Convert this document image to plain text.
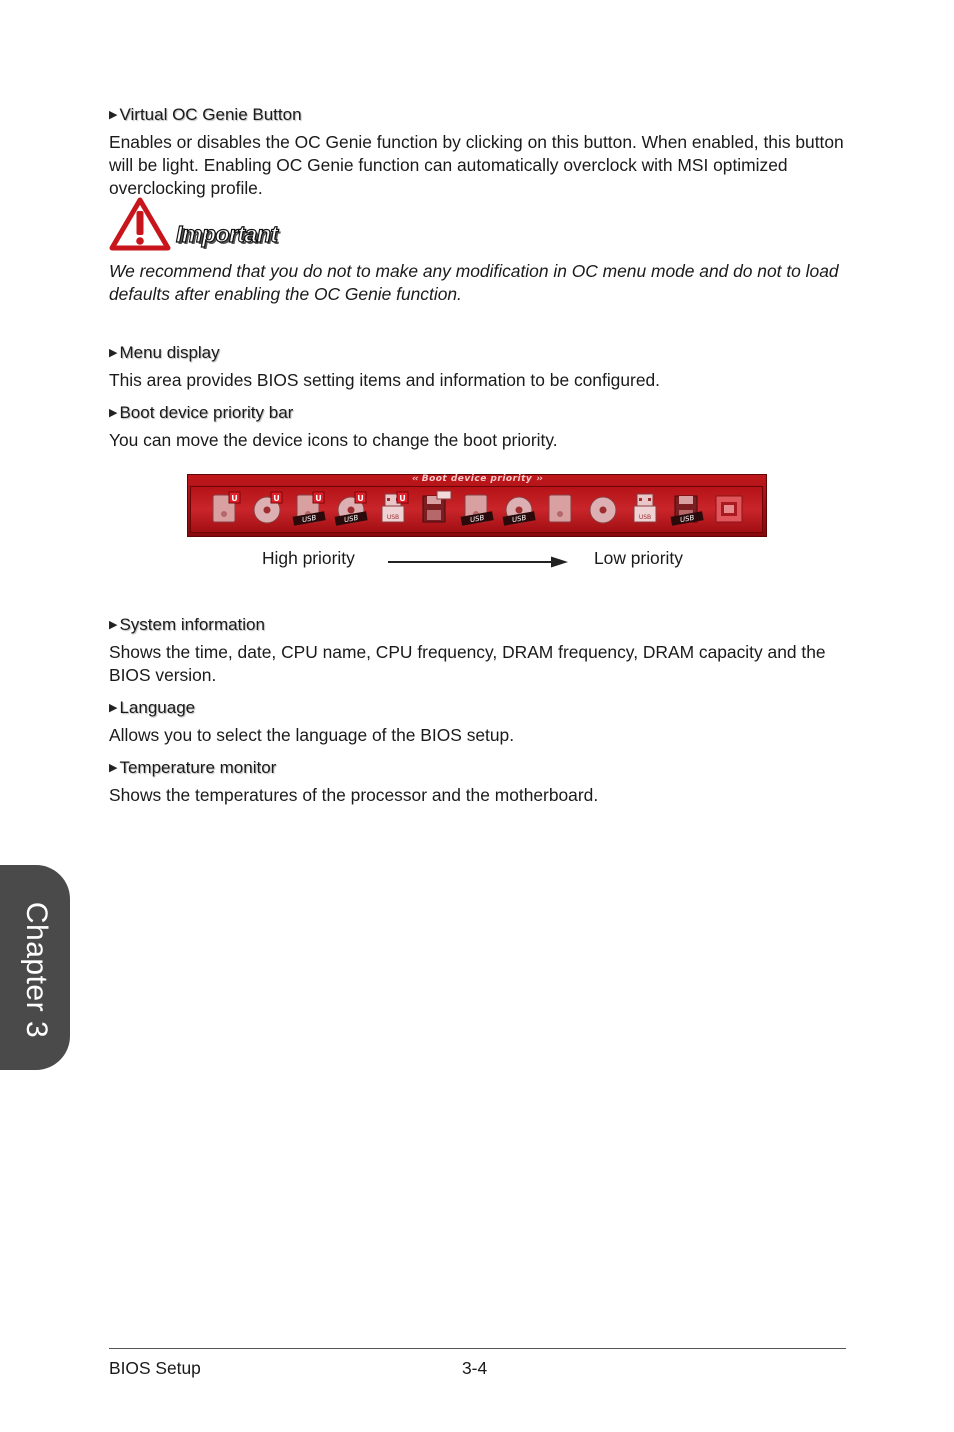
▶ Virtual OC Genie Button
Enables or disables the OC Genie function by clicking on this button. When enabled, this button will be light. Enabling OC Genie function can automatically overclock with MSI optimized overclocking profile.
Important
We recommend that you do not to make any modification in OC menu mode and do not to load defaults after enabling the OC Genie function.
▶ Menu display
This area provides BIOS setting items and information to be configured.
▶ Boot device priority bar
You can move the device icons to change the boot priority.
‹‹  Boot device priority  ››
U	U
USB
U
USB
U
USB
U
USB	USB	USB	USB
High priority	Low priority
▶ System information
Shows the time, date, CPU name, CPU frequency, DRAM frequency, DRAM capacity and the BIOS version.
▶ Language
Allows you to select the language of the BIOS setup.
▶ Temperature monitor
Shows the temperatures of the processor and the motherboard.
Chapter 3
BIOS Setup	3-4
